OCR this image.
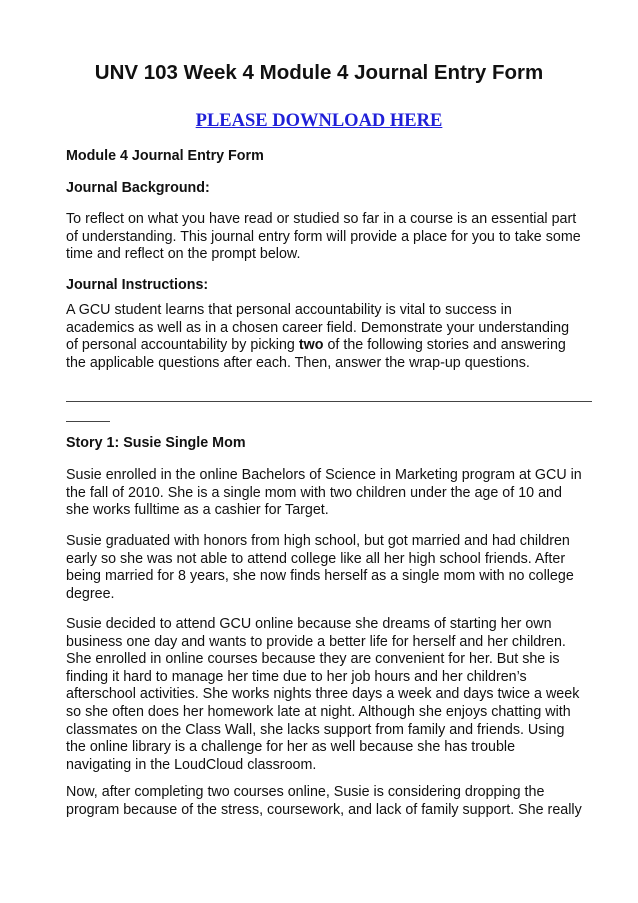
UNV 103 Week 4 Module 4 Journal Entry Form
PLEASE DOWNLOAD HERE
Module 4 Journal Entry Form
Journal Background:

To reflect on what you have read or studied so far in a course is an essential part

of understanding. This journal entry form will provide a place for you to take some

time and reflect on the prompt below.

Journal Instructions:

A GCU student learns that personal accountability is vital to success in

academics as well as in a chosen career field. Demonstrate your understanding

of personal accountability by picking two of the following stories and answering

the applicable questions after each. Then, answer the wrap-up questions.

Story 1: Susie Single Mom

Susie enrolled in the online Bachelors of Science in Marketing program at GCU in

the fall of 2010. She is a single mom with two children under the age of 10 and

she works fulltime as a cashier for Target.

Susie graduated with honors from high school, but got married and had children

early so she was not able to attend college like all her high school friends. After

being married for 8 years, she now finds herself as a single mom with no college

degree.

Susie decided to attend GCU online because she dreams of starting her own

business one day and wants to provide a better life for herself and her children.

She enrolled in online courses because they are convenient for her. But she is

finding it hard to manage her time due to her job hours and her children’s

afterschool activities. She works nights three days a week and days twice a week

so she often does her homework late at night. Although she enjoys chatting with

classmates on the Class Wall, she lacks support from family and friends. Using

the online library is a challenge for her as well because she has trouble

navigating in the LoudCloud classroom.

Now, after completing two courses online, Susie is considering dropping the

program because of the stress, coursework, and lack of family support. She really
